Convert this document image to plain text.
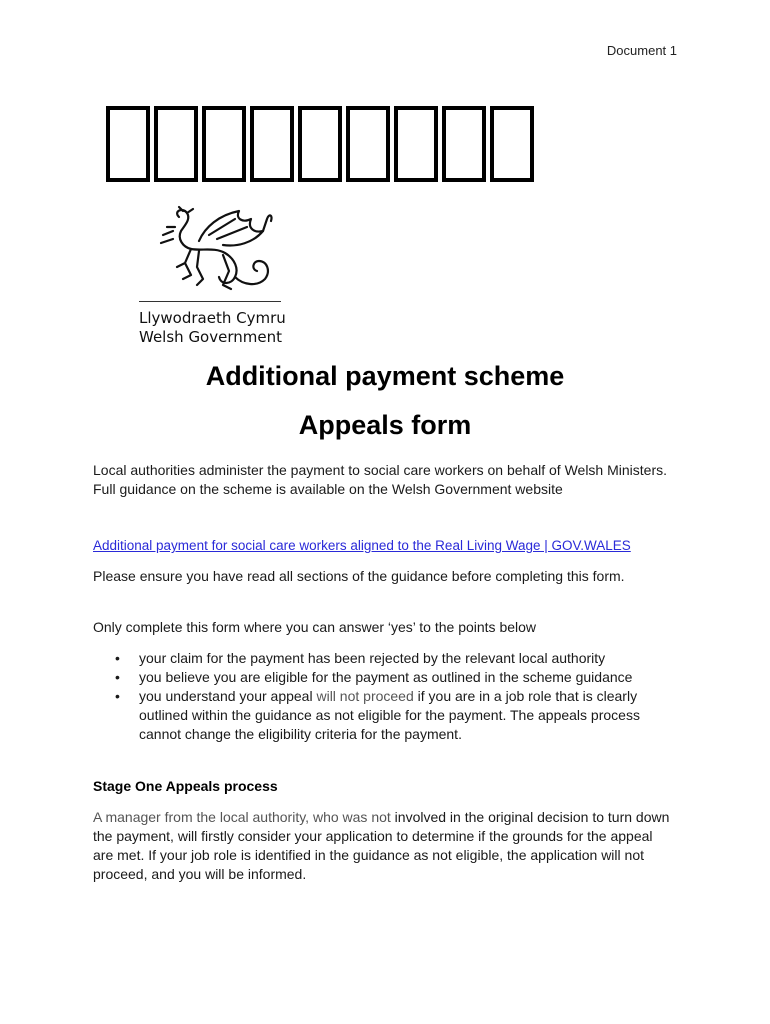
Document 1
Llywodraeth Cymru
Welsh Government
Additional payment scheme
Appeals form
Local authorities administer the payment to social care workers on behalf of Welsh Ministers. Full guidance on the scheme is available on the Welsh Government website
Additional payment for social care workers aligned to the Real Living Wage | GOV.WALES
Please ensure you have read all sections of the guidance before completing this form.
Only complete this form where you can answer ‘yes’ to the points below
• your claim for the payment has been rejected by the relevant local authority
• you believe you are eligible for the payment as outlined in the scheme guidance
• you understand your appeal will not proceed if you are in a job role that is clearly outlined within the guidance as not eligible for the payment. The appeals process cannot change the eligibility criteria for the payment.
Stage One Appeals process
A manager from the local authority, who was not involved in the original decision to turn down the payment, will firstly consider your application to determine if the grounds for the appeal are met. If your job role is identified in the guidance as not eligible, the application will not proceed, and you will be informed.
